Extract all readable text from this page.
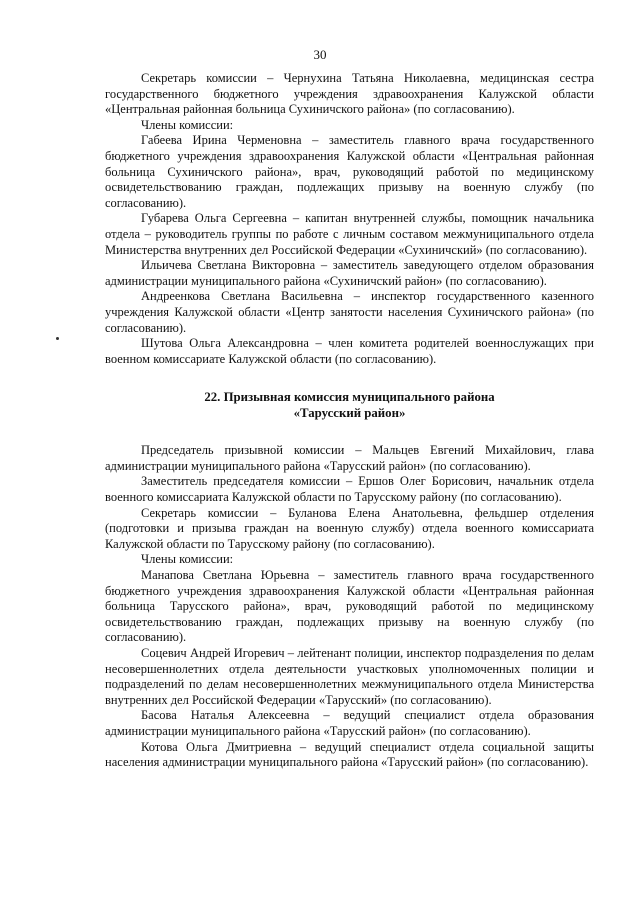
30

Секретарь комиссии – Чернухина Татьяна Николаевна, медицинская сестра государственного бюджетного учреждения здравоохранения Калужской области «Центральная районная больница Сухиничского района» (по согласованию).

Члены комиссии:

Габеева Ирина Черменовна – заместитель главного врача государственного бюджетного учреждения здравоохранения Калужской области «Центральная районная больница Сухиничского района», врач, руководящий работой по медицинскому освидетельствованию граждан, подлежащих призыву на военную службу (по согласованию).

Губарева Ольга Сергеевна – капитан внутренней службы, помощник начальника отдела – руководитель группы по работе с личным составом межмуниципального отдела Министерства внутренних дел Российской Федерации «Сухиничский» (по согласованию).

Ильичева Светлана Викторовна – заместитель заведующего отделом образования администрации муниципального района «Сухиничский район» (по согласованию).

Андреенкова Светлана Васильевна – инспектор государственного казенного учреждения Калужской области «Центр занятости населения Сухиничского района» (по согласованию).

Шутова Ольга Александровна – член комитета родителей военнослужащих при военном комиссариате Калужской области (по согласованию).

22. Призывная комиссия муниципального района
«Тарусский район»

Председатель призывной комиссии – Мальцев Евгений Михайлович, глава администрации муниципального района «Тарусский район» (по согласованию).

Заместитель председателя комиссии – Ершов Олег Борисович, начальник отдела военного комиссариата Калужской области по Тарусскому району (по согласованию).

Секретарь комиссии – Буланова Елена Анатольевна, фельдшер отделения (подготовки и призыва граждан на военную службу) отдела военного комиссариата Калужской области по Тарусскому району (по согласованию).

Члены комиссии:

Манапова Светлана Юрьевна – заместитель главного врача государственного бюджетного учреждения здравоохранения Калужской области «Центральная районная больница Тарусского района», врач, руководящий работой по медицинскому освидетельствованию граждан, подлежащих призыву на военную службу (по согласованию).

Соцевич Андрей Игоревич – лейтенант полиции, инспектор подразделения по делам несовершеннолетних отдела деятельности участковых уполномоченных полиции и подразделений по делам несовершеннолетних межмуниципального отдела Министерства внутренних дел Российской Федерации «Тарусский» (по согласованию).

Басова Наталья Алексеевна – ведущий специалист отдела образования администрации муниципального района «Тарусский район» (по согласованию).

Котова Ольга Дмитриевна – ведущий специалист отдела социальной защиты населения администрации муниципального района «Тарусский район» (по согласованию).
